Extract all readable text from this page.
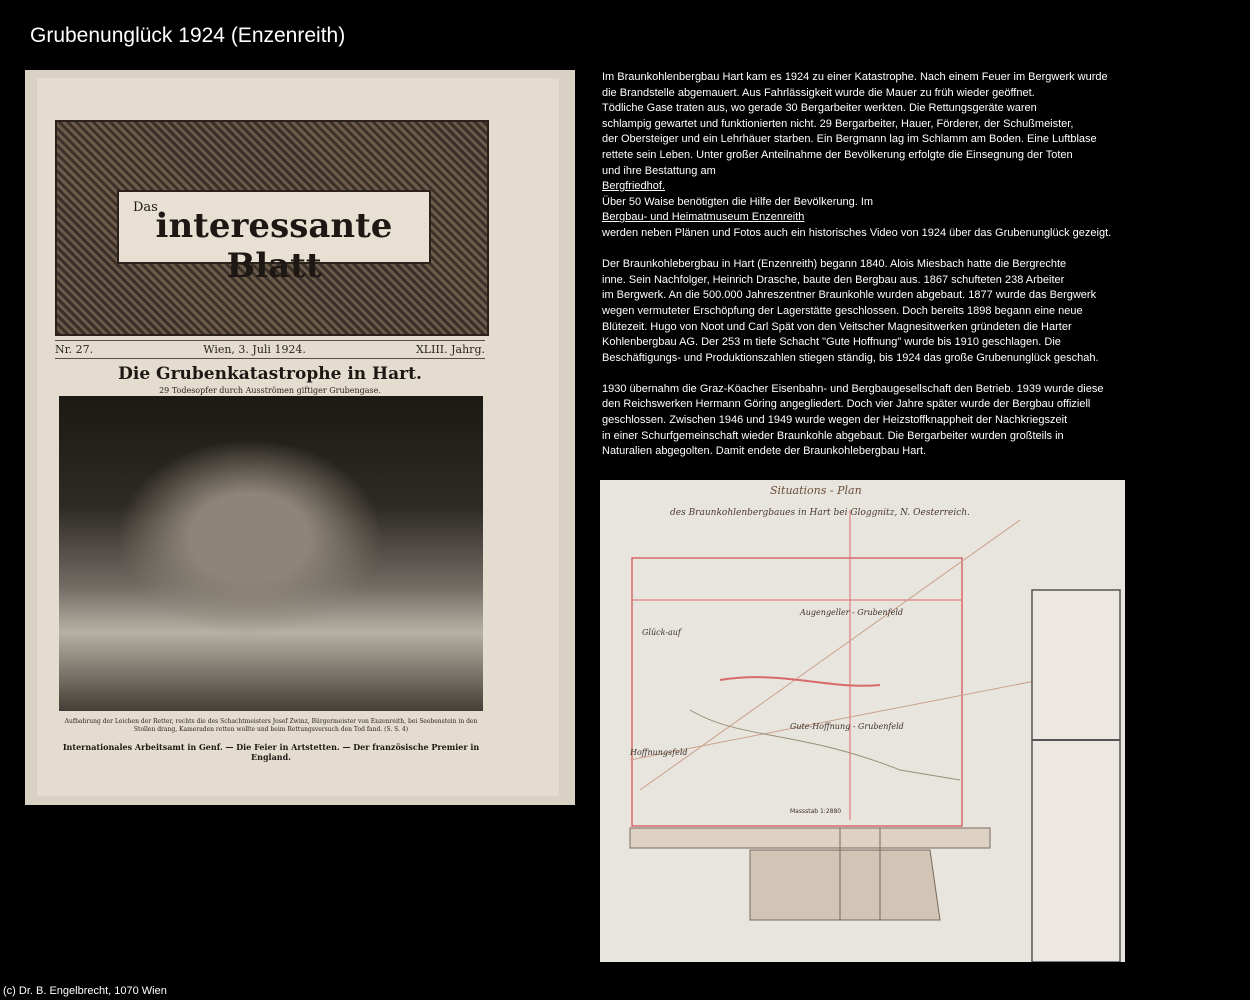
Grubenunglück 1924 (Enzenreith)
Das
interessante Blatt
Nr. 27.	Wien, 3. Juli 1924.	XLIII. Jahrg.
Die Grubenkatastrophe in Hart.
29 Todesopfer durch Ausströmen giftiger Grubengase.
Aufbahrung der Leichen der Retter, rechts die des Schachtmeisters Josef Zwinz, Bürgermeister von Enzenreith, bei Seebenstein in den Stollen drang, Kameraden retten wollte und beim Rettungsversuch den Tod fand. (S. S. 4)
Internationales Arbeitsamt in Genf. — Die Feier in Artstetten. — Der französische Premier in England.

Im Braunkohlenbergbau Hart kam es 1924 zu einer Katastrophe. Nach einem Feuer im Bergwerk wurde
die Brandstelle abgemauert. Aus Fahrlässigkeit wurde die Mauer zu früh wieder geöffnet.
Tödliche Gase traten aus, wo gerade 30 Bergarbeiter werkten. Die Rettungsgeräte waren
schlampig gewartet und funktionierten nicht. 29 Bergarbeiter, Hauer, Förderer, der Schußmeister,
der Obersteiger und ein Lehrhäuer starben. Ein Bergmann lag im Schlamm am Boden. Eine Luftblase
rettete sein Leben. Unter großer Anteilnahme der Bevölkerung erfolgte die Einsegnung der Toten
und ihre Bestattung am
Bergfriedhof.
Über 50 Waise benötigten die Hilfe der Bevölkerung. Im
Bergbau- und Heimatmuseum Enzenreith
werden neben Plänen und Fotos auch ein historisches Video von 1924 über das Grubenunglück gezeigt.

Der Braunkohlebergbau in Hart (Enzenreith) begann 1840. Alois Miesbach hatte die Bergrechte
inne. Sein Nachfolger, Heinrich Drasche, baute den Bergbau aus. 1867 schufteten 238 Arbeiter
im Bergwerk. An die 500.000 Jahreszentner Braunkohle wurden abgebaut. 1877 wurde das Bergwerk
wegen vermuteter Erschöpfung der Lagerstätte geschlossen. Doch bereits 1898 begann eine neue
Blütezeit. Hugo von Noot und Carl Spät von den Veitscher Magnesitwerken gründeten die Harter
Kohlenbergbau AG. Der 253 m tiefe Schacht "Gute Hoffnung" wurde bis 1910 geschlagen. Die
Beschäftigungs- und Produktionszahlen stiegen ständig, bis 1924 das große Grubenunglück geschah.

1930 übernahm die Graz-Köacher Eisenbahn- und Bergbaugesellschaft den Betrieb. 1939 wurde diese
den Reichswerken Hermann Göring angegliedert. Doch vier Jahre später wurde der Bergbau offiziell
geschlossen. Zwischen 1946 und 1949 wurde wegen der Heizstoffknappheit der Nachkriegszeit
in einer Schurfgemeinschaft wieder Braunkohle abgebaut. Die Bergarbeiter wurden großteils in
Naturalien abgegolten. Damit endete der Braunkohlebergbau Hart.

Situations - Plan
des Braunkohlenbergbaues in Hart bei Gloggnitz, N. Oesterreich.
Glück-auf
Augengeller - Grubenfeld
Gute-Hoffnung - Grubenfeld
Hoffnungsfeld
Massstab 1:2880
(c) Dr. B. Engelbrecht, 1070 Wien
